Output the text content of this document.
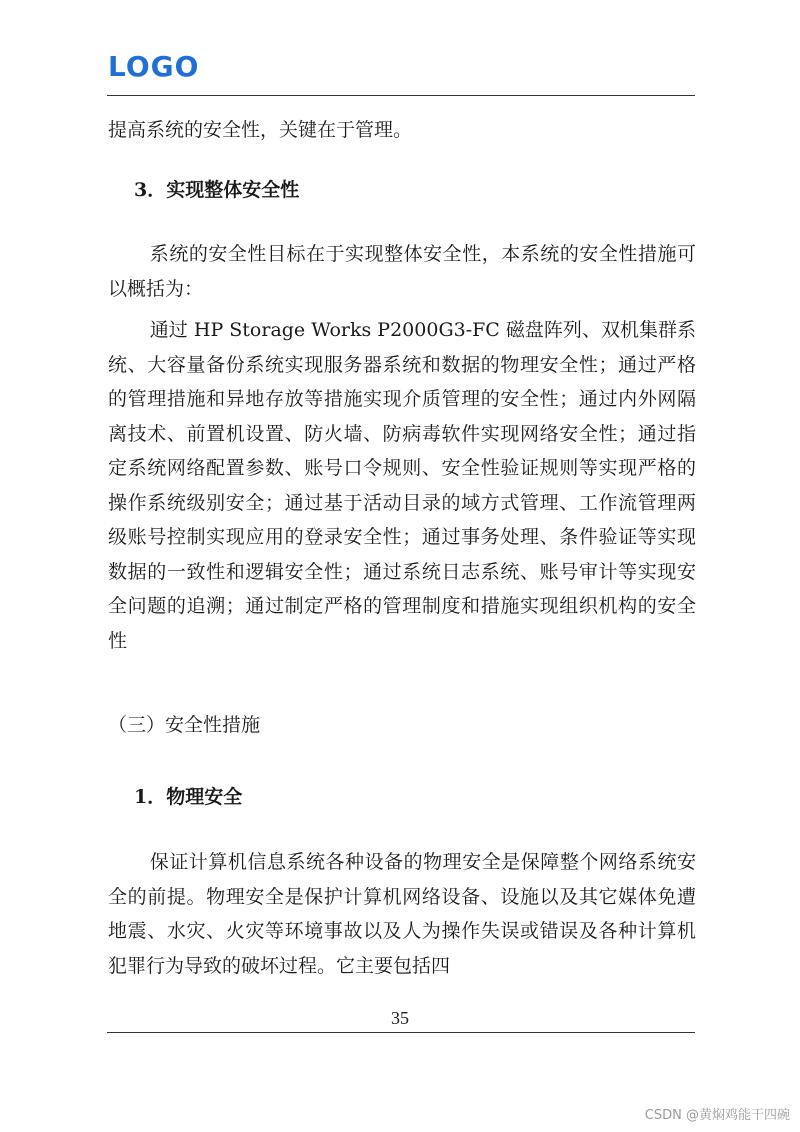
LOGO
提高系统的安全性，关键在于管理。
3．实现整体安全性
系统的安全性目标在于实现整体安全性，本系统的安全性措施可以概括为：
通过 HP Storage Works P2000G3-FC 磁盘阵列、双机集群系统、大容量备份系统实现服务器系统和数据的物理安全性；通过严格的管理措施和异地存放等措施实现介质管理的安全性；通过内外网隔离技术、前置机设置、防火墙、防病毒软件实现网络安全性；通过指定系统网络配置参数、账号口令规则、安全性验证规则等实现严格的操作系统级别安全；通过基于活动目录的域方式管理、工作流管理两级账号控制实现应用的登录安全性；通过事务处理、条件验证等实现数据的一致性和逻辑安全性；通过系统日志系统、账号审计等实现安全问题的追溯；通过制定严格的管理制度和措施实现组织机构的安全性
（三）安全性措施
1．物理安全
保证计算机信息系统各种设备的物理安全是保障整个网络系统安全的前提。物理安全是保护计算机网络设备、设施以及其它媒体免遭地震、水灾、火灾等环境事故以及人为操作失误或错误及各种计算机犯罪行为导致的破坏过程。它主要包括四
35
CSDN @黄焖鸡能干四碗
